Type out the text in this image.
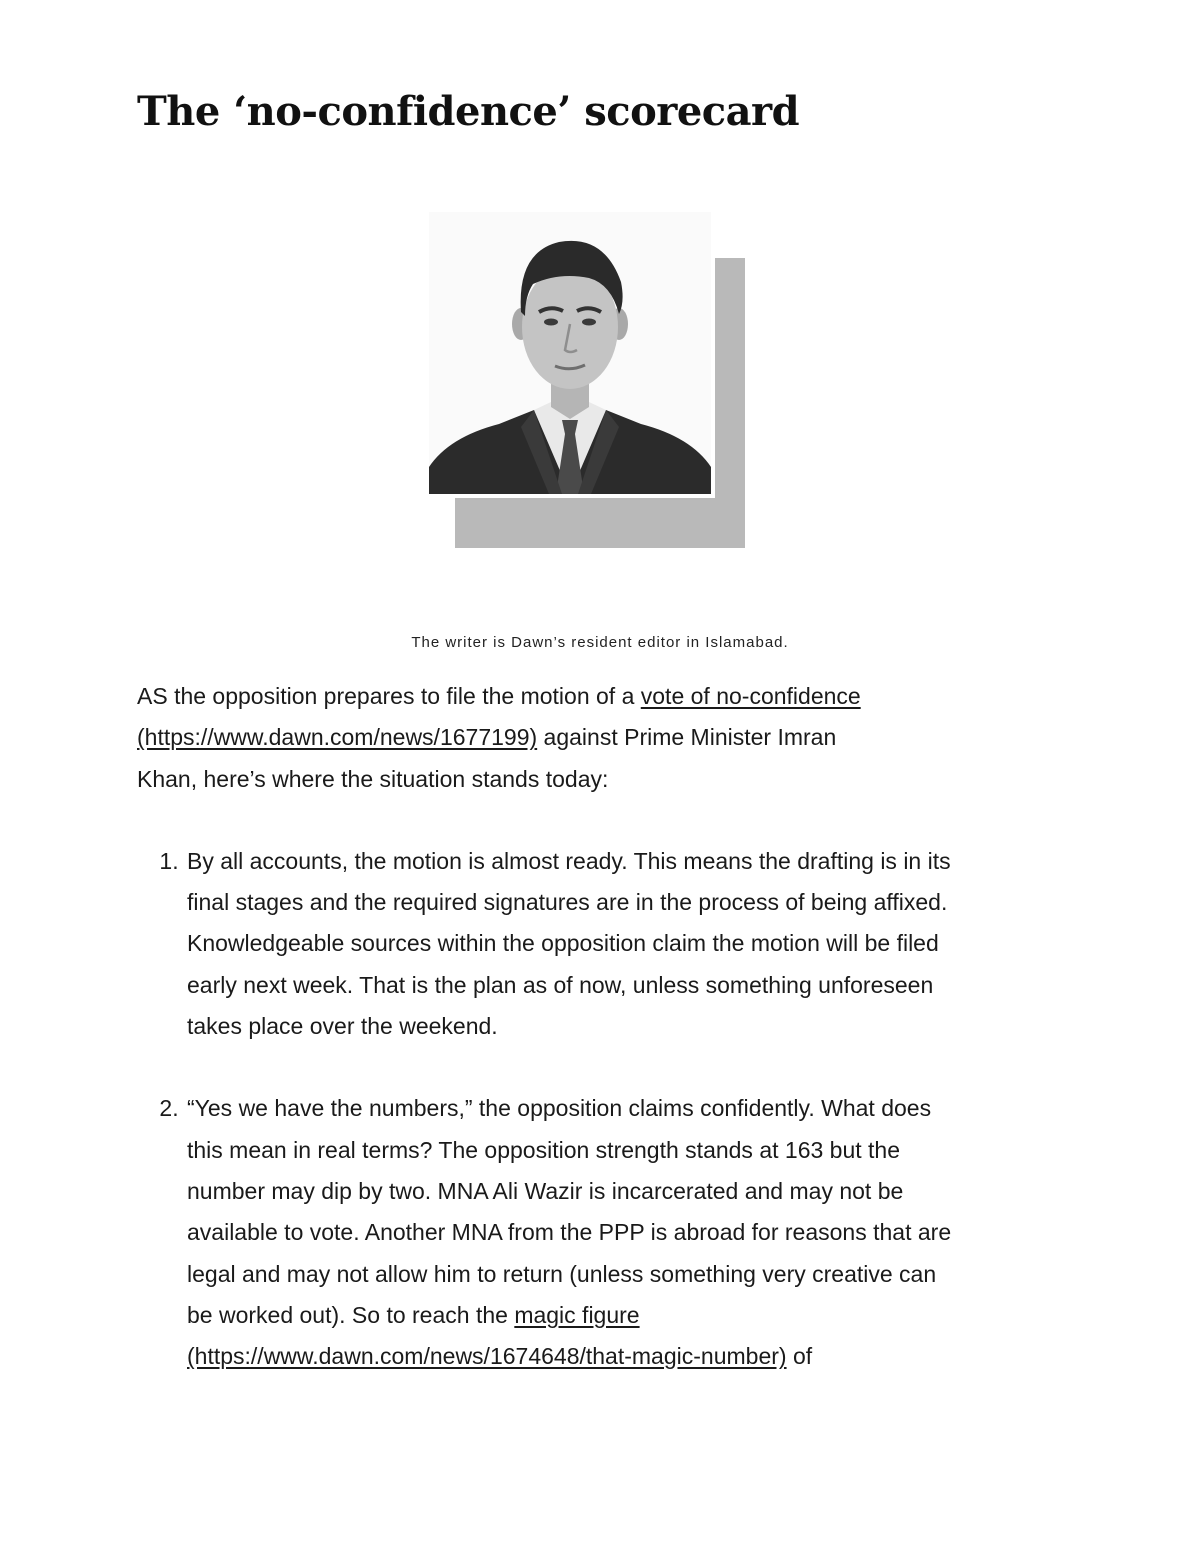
The ‘no-confidence’ scorecard

The writer is Dawn’s resident editor in Islamabad.

AS the opposition prepares to file the motion of a vote of no-confidence (https://www.dawn.com/news/1677199) against Prime Minister Imran Khan, here’s where the situation stands today:

1. By all accounts, the motion is almost ready. This means the drafting is in its final stages and the required signatures are in the process of being affixed. Knowledgeable sources within the opposition claim the motion will be filed early next week. That is the plan as of now, unless something unforeseen takes place over the weekend.
2. “Yes we have the numbers,” the opposition claims confidently. What does this mean in real terms? The opposition strength stands at 163 but the number may dip by two. MNA Ali Wazir is incarcerated and may not be available to vote. Another MNA from the PPP is abroad for reasons that are legal and may not allow him to return (unless something very creative can be worked out). So to reach the magic figure (https://www.dawn.com/news/1674648/that-magic-number) of
